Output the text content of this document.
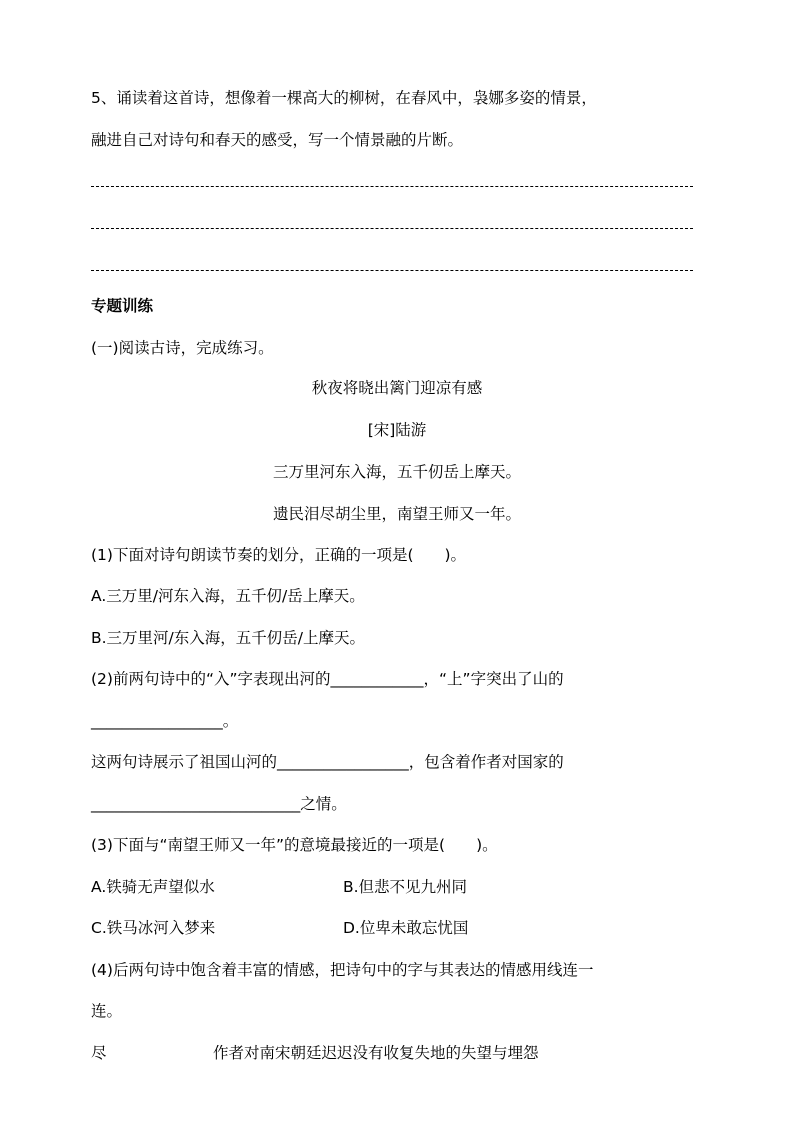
5、诵读着这首诗，想像着一棵高大的柳树，在春风中，袅娜多姿的情景，
融进自己对诗句和春天的感受，写一个情景融的片断。
专题训练
(一)阅读古诗，完成练习。
秋夜将晓出篱门迎凉有感
[宋]陆游
三万里河东入海，五千仞岳上摩天。
遗民泪尽胡尘里，南望王师又一年。
(1)下面对诗句朗读节奏的划分，正确的一项是(　　)。
A.三万里/河东入海，五千仞/岳上摩天。
B.三万里河/东入海，五千仞岳/上摩天。
(2)前两句诗中的“入”字表现出河的____________，“上”字突出了山的
_________________。
这两句诗展示了祖国山河的_________________，包含着作者对国家的
___________________________之情。
(3)下面与“南望王师又一年”的意境最接近的一项是(　　)。
A.铁骑无声望似水	B.但悲不见九州同
C.铁马冰河入梦来	D.位卑未敢忘忧国
(4)后两句诗中饱含着丰富的情感，把诗句中的字与其表达的情感用线连一
连。
尽	作者对南宋朝廷迟迟没有收复失地的失望与埋怨
